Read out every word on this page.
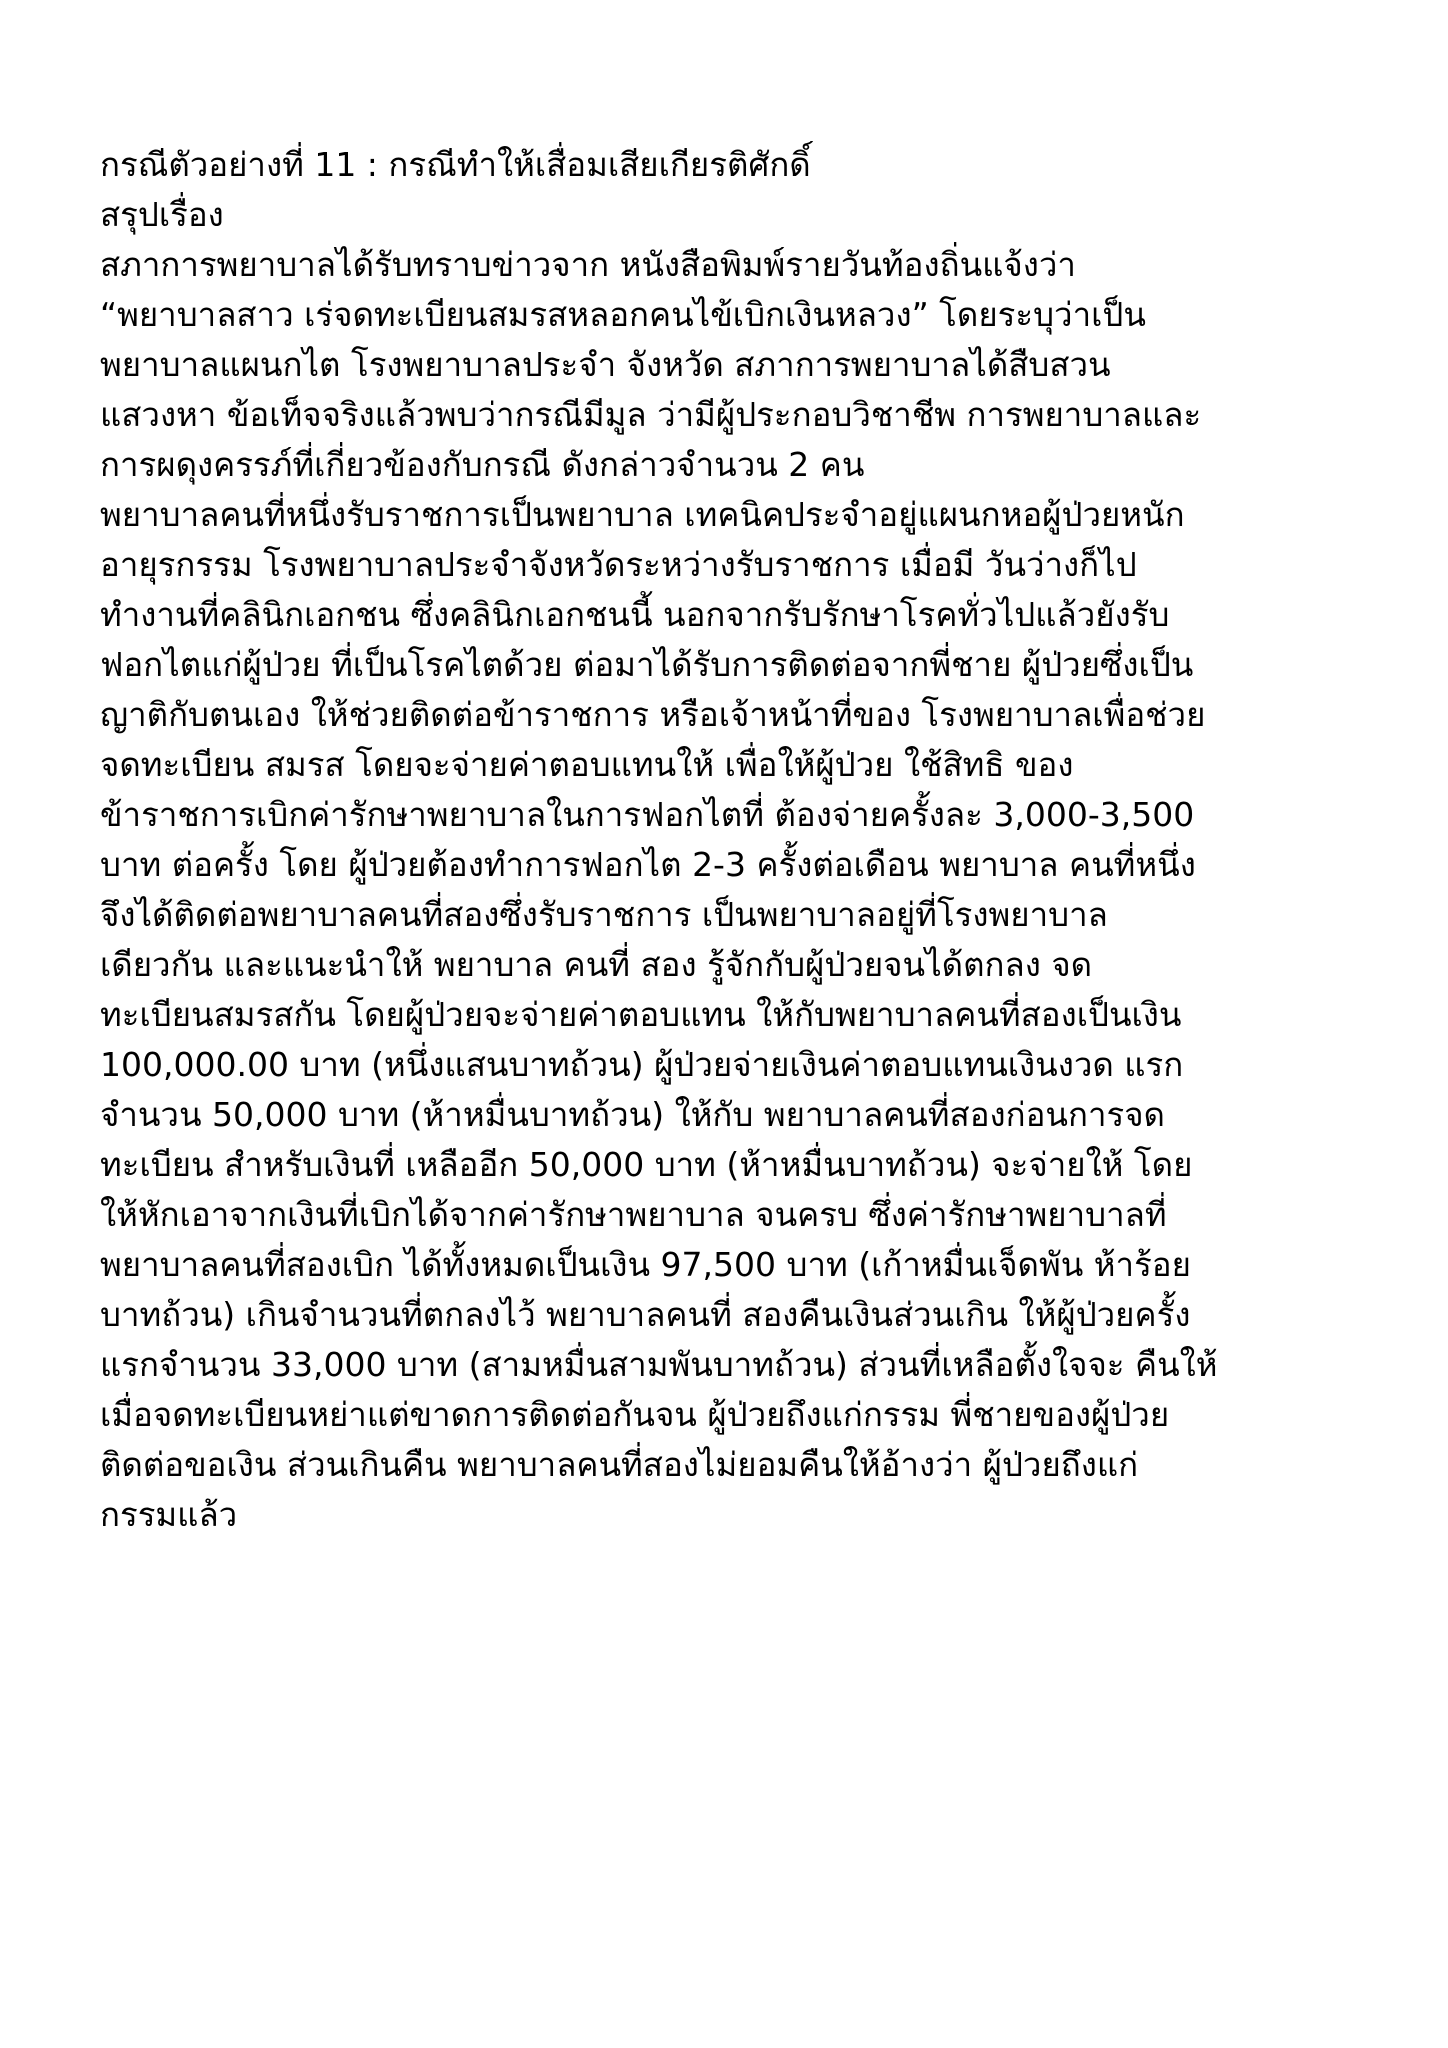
กรณีตัวอย่างที่ 11 : กรณีทำให้เสื่อมเสียเกียรติศักดิ์
สรุปเรื่อง
สภาการพยาบาลได้รับทราบข่าวจาก หนังสือพิมพ์รายวันท้องถิ่นแจ้งว่า
“พยาบาลสาว เร่จดทะเบียนสมรสหลอกคนไข้เบิกเงินหลวง” โดยระบุว่าเป็น
พยาบาลแผนกไต โรงพยาบาลประจำ จังหวัด สภาการพยาบาลได้สืบสวน
แสวงหา ข้อเท็จจริงแล้วพบว่ากรณีมีมูล ว่ามีผู้ประกอบวิชาชีพ การพยาบาลและ
การผดุงครรภ์ที่เกี่ยวข้องกับกรณี ดังกล่าวจำนวน 2 คน
พยาบาลคนที่หนึ่งรับราชการเป็นพยาบาล เทคนิคประจำอยู่แผนกหอผู้ป่วยหนัก
อายุรกรรม โรงพยาบาลประจำจังหวัดระหว่างรับราชการ เมื่อมี วันว่างก็ไป
ทำงานที่คลินิกเอกชน ซึ่งคลินิกเอกชนนี้ นอกจากรับรักษาโรคทั่วไปแล้วยังรับ
ฟอกไตแก่ผู้ป่วย ที่เป็นโรคไตด้วย ต่อมาได้รับการติดต่อจากพี่ชาย ผู้ป่วยซึ่งเป็น
ญาติกับตนเอง ให้ช่วยติดต่อข้าราชการ หรือเจ้าหน้าที่ของ โรงพยาบาลเพื่อช่วย
จดทะเบียน สมรส โดยจะจ่ายค่าตอบแทนให้ เพื่อให้ผู้ป่วย ใช้สิทธิ ของ
ข้าราชการเบิกค่ารักษาพยาบาลในการฟอกไตที่ ต้องจ่ายครั้งละ 3,000-3,500
บาท ต่อครั้ง โดย ผู้ป่วยต้องทำการฟอกไต 2-3 ครั้งต่อเดือน พยาบาล คนที่หนึ่ง
จึงได้ติดต่อพยาบาลคนที่สองซึ่งรับราชการ เป็นพยาบาลอยู่ที่โรงพยาบาล
เดียวกัน และแนะนำให้ พยาบาล คนที่ สอง รู้จักกับผู้ป่วยจนได้ตกลง จด
ทะเบียนสมรสกัน โดยผู้ป่วยจะจ่ายค่าตอบแทน ให้กับพยาบาลคนที่สองเป็นเงิน
100,000.00 บาท (หนึ่งแสนบาทถ้วน) ผู้ป่วยจ่ายเงินค่าตอบแทนเงินงวด แรก
จำนวน 50,000 บาท (ห้าหมื่นบาทถ้วน) ให้กับ พยาบาลคนที่สองก่อนการจด
ทะเบียน สำหรับเงินที่ เหลืออีก 50,000 บาท (ห้าหมื่นบาทถ้วน) จะจ่ายให้ โดย
ให้หักเอาจากเงินที่เบิกได้จากค่ารักษาพยาบาล จนครบ ซึ่งค่ารักษาพยาบาลที่
พยาบาลคนที่สองเบิก ได้ทั้งหมดเป็นเงิน 97,500 บาท (เก้าหมื่นเจ็ดพัน ห้าร้อย
บาทถ้วน) เกินจำนวนที่ตกลงไว้ พยาบาลคนที่ สองคืนเงินส่วนเกิน ให้ผู้ป่วยครั้ง
แรกจำนวน 33,000 บาท (สามหมื่นสามพันบาทถ้วน) ส่วนที่เหลือตั้งใจจะ คืนให้
เมื่อจดทะเบียนหย่าแต่ขาดการติดต่อกันจน ผู้ป่วยถึงแก่กรรม พี่ชายของผู้ป่วย
ติดต่อขอเงิน ส่วนเกินคืน พยาบาลคนที่สองไม่ยอมคืนให้อ้างว่า ผู้ป่วยถึงแก่
กรรมแล้ว
